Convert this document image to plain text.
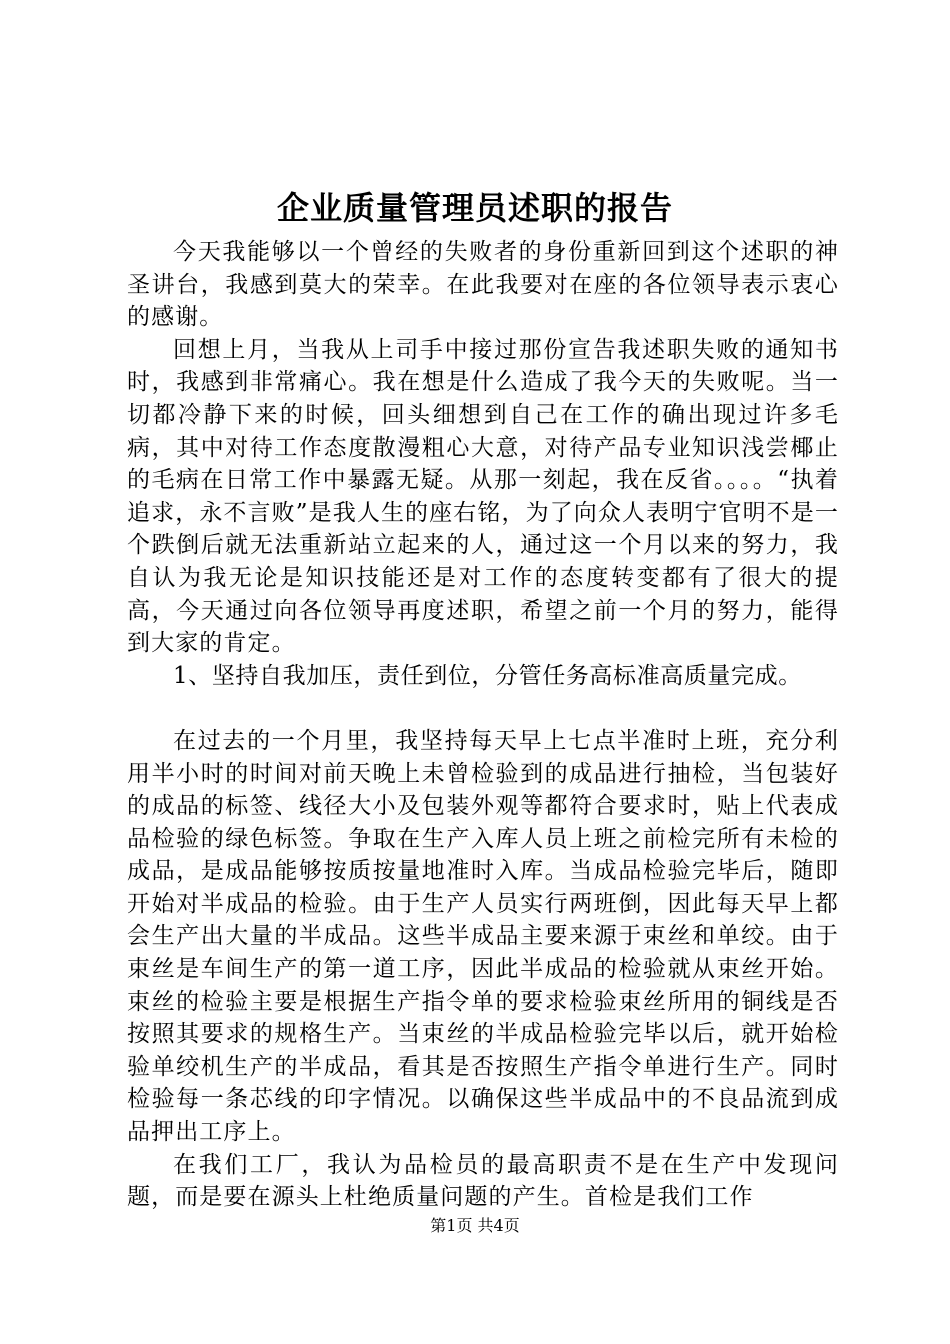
企业质量管理员述职的报告

今天我能够以一个曾经的失败者的身份重新回到这个述职的神圣讲台，我感到莫大的荣幸。在此我要对在座的各位领导表示衷心的感谢。

回想上月，当我从上司手中接过那份宣告我述职失败的通知书时，我感到非常痛心。我在想是什么造成了我今天的失败呢。当一切都冷静下来的时候，回头细想到自己在工作的确出现过许多毛病，其中对待工作态度散漫粗心大意，对待产品专业知识浅尝椰止的毛病在日常工作中暴露无疑。从那一刻起，我在反省。。。。“执着追求，永不言败”是我人生的座右铭，为了向众人表明宁官明不是一个跌倒后就无法重新站立起来的人，通过这一个月以来的努力，我自认为我无论是知识技能还是对工作的态度转变都有了很大的提高，今天通过向各位领导再度述职，希望之前一个月的努力，能得到大家的肯定。

1、坚持自我加压，责任到位，分管任务高标准高质量完成。

在过去的一个月里，我坚持每天早上七点半准时上班，充分利用半小时的时间对前天晚上未曾检验到的成品进行抽检，当包装好的成品的标签、线径大小及包装外观等都符合要求时，贴上代表成品检验的绿色标签。争取在生产入库人员上班之前检完所有未检的成品，是成品能够按质按量地准时入库。当成品检验完毕后，随即开始对半成品的检验。由于生产人员实行两班倒，因此每天早上都会生产出大量的半成品。这些半成品主要来源于束丝和单绞。由于束丝是车间生产的第一道工序，因此半成品的检验就从束丝开始。束丝的检验主要是根据生产指令单的要求检验束丝所用的铜线是否按照其要求的规格生产。当束丝的半成品检验完毕以后，就开始检验单绞机生产的半成品，看其是否按照生产指令单进行生产。同时检验每一条芯线的印字情况。以确保这些半成品中的不良品流到成品押出工序上。

在我们工厂，我认为品检员的最高职责不是在生产中发现问题，而是要在源头上杜绝质量问题的产生。首检是我们工作

第1页 共4页
